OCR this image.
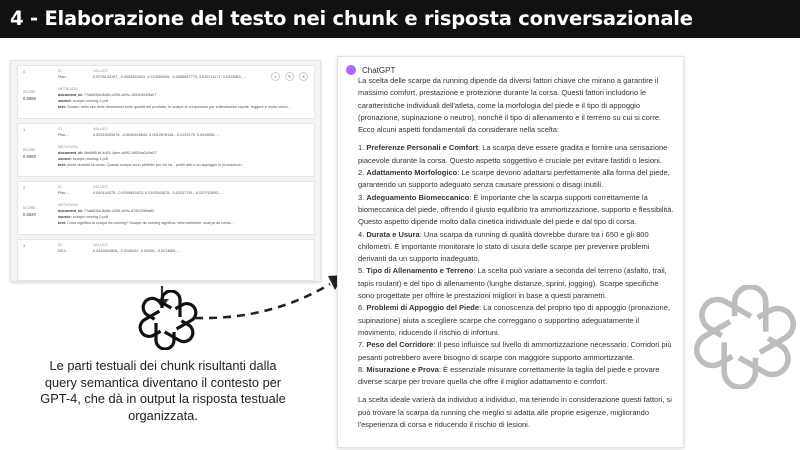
4 - Elaborazione del testo nei chunk e risposta conversazionale
0	ID	VALUES
Plac...	0.0078142107, -0.0053553403, 0.012589426, -0.0085657779, 0.015711171, 0.0224563, ...
SCORE
0.6889
METADATA
document_id: 77ad606d-8d6b-4296-ab9c-1551b51b9a07
source: scarpe-running-1.pdf
text: Durata: nella vita delle dimensioni sulle qualità del prodotto, le scarpe si consumano per sollecitazioni rapide, leggere e molto veloci...
⌕	✎	✕
1	ID	VALUES
Plac...	0.00315493478, -0.0040518644, 0.0012678148, -0.0193175, 0.0018651, ...
SCORE
0.6688
METADATA
document_id: 4fe68f6-bf-4d21-4aee-a992-9802ea2c9a07
source: scarpe-running-1.pdf
text: piede durante la corsa. Queste scarpe sono perfette per chi ha - profili altri e un appoggio in pronazione...
2	ID	VALUES
Plac...	0.000144275, -0.0199843923, 0.0192543475, -0.02037751, -0.020763592, ...
SCORE
0.6620
METADATA
document_id: 77ad606d-8d6b-4296-ab9c-574525b9a62
source: scarpe-running-5.pdf
text: Cosa significa la scarpa da running? Scarpe da running significa, informalmente, scarpa da corsa...
3	ID	VALUES
NC2...	0.0246844825, -0.0140937, 0.00356, -0.0214851, ...
Le parti testuali dei chunk risultanti dalla query semantica diventano il contesto per GPT-4, che dà in output la risposta testuale organizzata.
ChatGPT

La scelta delle scarpe da running dipende da diversi fattori chiave che mirano a garantire il massimo comfort, prestazione e protezione durante la corsa. Questi fattori includono le caratteristiche individuali dell'atleta, come la morfologia del piede e il tipo di appoggio (pronazione, supinazione o neutro), nonché il tipo di allenamento e il terreno su cui si corre. Ecco alcuni aspetti fondamentali da considerare nella scelta:

1. Preferenze Personali e Comfort: La scarpa deve essere gradita e fornire una sensazione piacevole durante la corsa. Questo aspetto soggettivo è cruciale per evitare fastidi o lesioni.
2. Adattamento Morfologico: Le scarpe devono adattarsi perfettamente alla forma del piede, garantendo un supporto adeguato senza causare pressioni o disagi inutili.
3. Adeguamento Biomeccanico: È importante che la scarpa supporti correttamente la biomeccanica del piede, offrendo il giusto equilibrio tra ammortizzazione, supporto e flessibilità. Questo aspetto dipende molto dalla cinetica individuale del piede e dal tipo di corsa.
4. Durata e Usura: Una scarpa da running di qualità dovrebbe durare tra i 650 e gli 800 chilometri. È importante monitorare lo stato di usura delle scarpe per prevenire problemi derivanti da un supporto inadeguato.
5. Tipo di Allenamento e Terreno: La scelta può variare a seconda del terreno (asfalto, trail, tapis roulant) e del tipo di allenamento (lunghe distanze, sprint, jogging). Scarpe specifiche sono progettate per offrire le prestazioni migliori in base a questi parametri.
6. Problemi di Appoggio del Piede: La conoscenza del proprio tipo di appoggio (pronazione, supinazione) aiuta a scegliere scarpe che correggano o supportino adeguatamente il movimento, riducendo il rischio di infortuni.
7. Peso del Corridore: Il peso influisce sul livello di ammortizzazione necessario. Corridori più pesanti potrebbero avere bisogno di scarpe con maggiore supporto ammortizzante.
8. Misurazione e Prova: È essenziale misurare correttamente la taglia del piede e provare diverse scarpe per trovare quella che offre il miglior adattamento e comfort.

La scelta ideale varierà da individuo a individuo, ma tenendo in considerazione questi fattori, si può trovare la scarpa da running che meglio si adatta alle proprie esigenze, migliorando l'esperienza di corsa e riducendo il rischio di lesioni.
